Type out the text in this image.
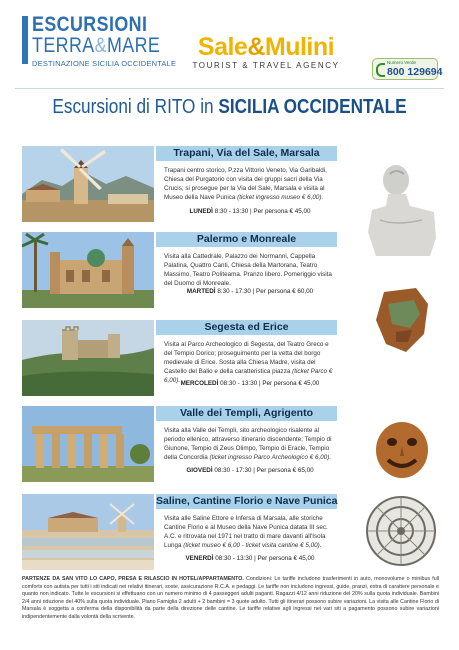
ESCURSIONI
TERRA&MARE
DESTINAZIONE SICILIA OCCIDENTALE
Sale&Mulini
TOURIST & TRAVEL AGENCY	Numero Verde
800 129694
Escursioni di RITO in SICILIA OCCIDENTALE
Trapani, Via del Sale, Marsala
Trapani centro storico, P.zza Vittorio Veneto, Via Garibaldi, Chiesa del Purgatorio con visita dei gruppi sacri della Via Crucis; si prosegue per la Via del Sale, Marsala e visita al Museo della Nave Punica (ticket ingresso museo € 6,00).
LUNEDÌ 8:30 - 13:30 | Per persona € 45,00
Palermo e Monreale
Visita alla Cattedrale, Palazzo dei Normanni, Cappella Palatina, Quattro Canti, Chiesa della Martorana, Teatro Massimo, Teatro Politeama. Pranzo libero. Pomeriggio visita del Duomo di Monreale.
MARTEDÌ 8:30 - 17:30 | Per persona € 60,00
Segesta ed Erice
Visita al Parco Archeologico di Segesta, del Teatro Greco e del Tempio Dorico; proseguimento per la vetta del borgo medievale di Erice. Sosta alla Chiesa Madre, visita del Castello del Balio e della caratteristica piazza (ticket Parco € 6,00). MERCOLEDÌ 08:30 - 13:30 | Per persona € 45,00
Valle dei Templi, Agrigento
Visita alla Valle dei Templi, sito archeologico risalente al periodo ellenico, attraverso itinerario discendente; Tempio di Giunone, Tempio di Zeus Olimpo, Tempio di Eracle, Tempio della Concordia (ticket ingresso Parco Archeologico € 6,00).
GIOVEDÌ 08:30 - 17:30 | Per persona € 65,00
Saline, Cantine Florio e Nave Punica
Visita alle Saline Ettore e Infersa di Marsala, alle storiche Cantine Florio e al Museo della Nave Punica datata III sec. A.C. e ritrovata nel 1971 nel tratto di mare davanti all'Isola Lunga (ticket museo € 6,00 - ticket visita cantine € 5,00).
VENERDÌ 08:30 - 13:30 | Per persona € 45,00
PARTENZE DA SAN VITO LO CAPO, PRESA E RILASCIO IN HOTEL/APPARTAMENTO. Condizioni: Le tariffe includono trasferimenti in auto, monovolume o minibus full comforts con autista per tutti i siti indicati nei relativi itinerari, soste, assicurazione R.C.A. e pedaggi. Le tariffe non includono ingressi, guide, pranzi, extra di carattere personale e quanto non indicato. Tutte le escursioni si effettuano con un numero minimo di 4 passeggeri adulti paganti. Ragazzi 4/12 anni riduzione del 20% sulla quota individuale. Bambini 2/4 anni riduzione del 40% sulla quota individuale. Piano Famiglia 2 adulti + 2 bambini = 3 quote adulto. Tutti gli itinerari possono subire variazioni. La visita alle Cantine Florio di Marsala è soggetta a conferma della disponibilità da parte della direzione delle cantine. Le tariffe relative agli ingressi nei vari siti a pagamento possono subire variazioni indipendentemente dalla volontà della scrivente.
